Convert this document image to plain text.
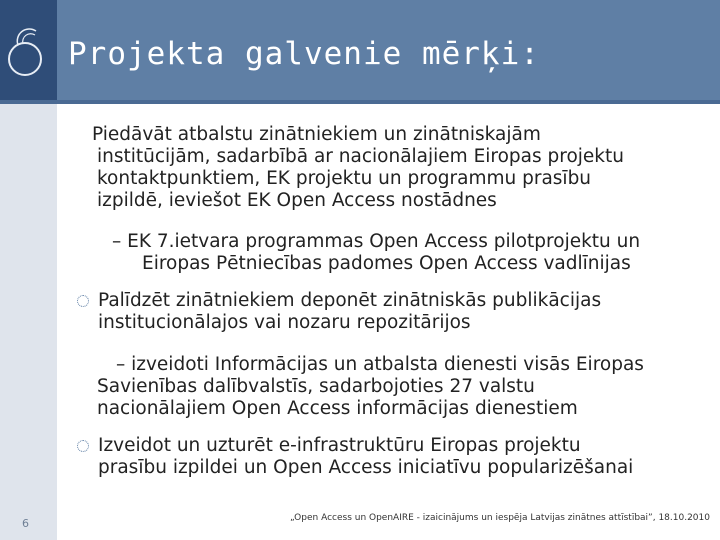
Projekta galvenie mērķi:
Piedāvāt atbalstu zinātniekiem un zinātniskajām
institūcijām, sadarbībā ar nacionālajiem Eiropas projektu
kontaktpunktiem, EK projektu un programmu prasību
izpildē, ieviešot EK Open Access nostādnes
– EK 7.ietvara programmas Open Access pilotprojektu un
Eiropas Pētniecības padomes Open Access vadlīnijas
Palīdzēt zinātniekiem deponēt zinātniskās publikācijas
institucionālajos vai nozaru repozitārijos
– izveidoti Informācijas un atbalsta dienesti visās Eiropas
Savienības dalībvalstīs, sadarbojoties 27 valstu
nacionālajiem Open Access informācijas dienestiem
Izveidot un uzturēt e-infrastruktūru Eiropas projektu
prasību izpildei un Open Access iniciatīvu popularizēšanai
6	„Open Access un OpenAIRE - izaicinājums un iespēja Latvijas zinātnes attīstībai”, 18.10.2010
